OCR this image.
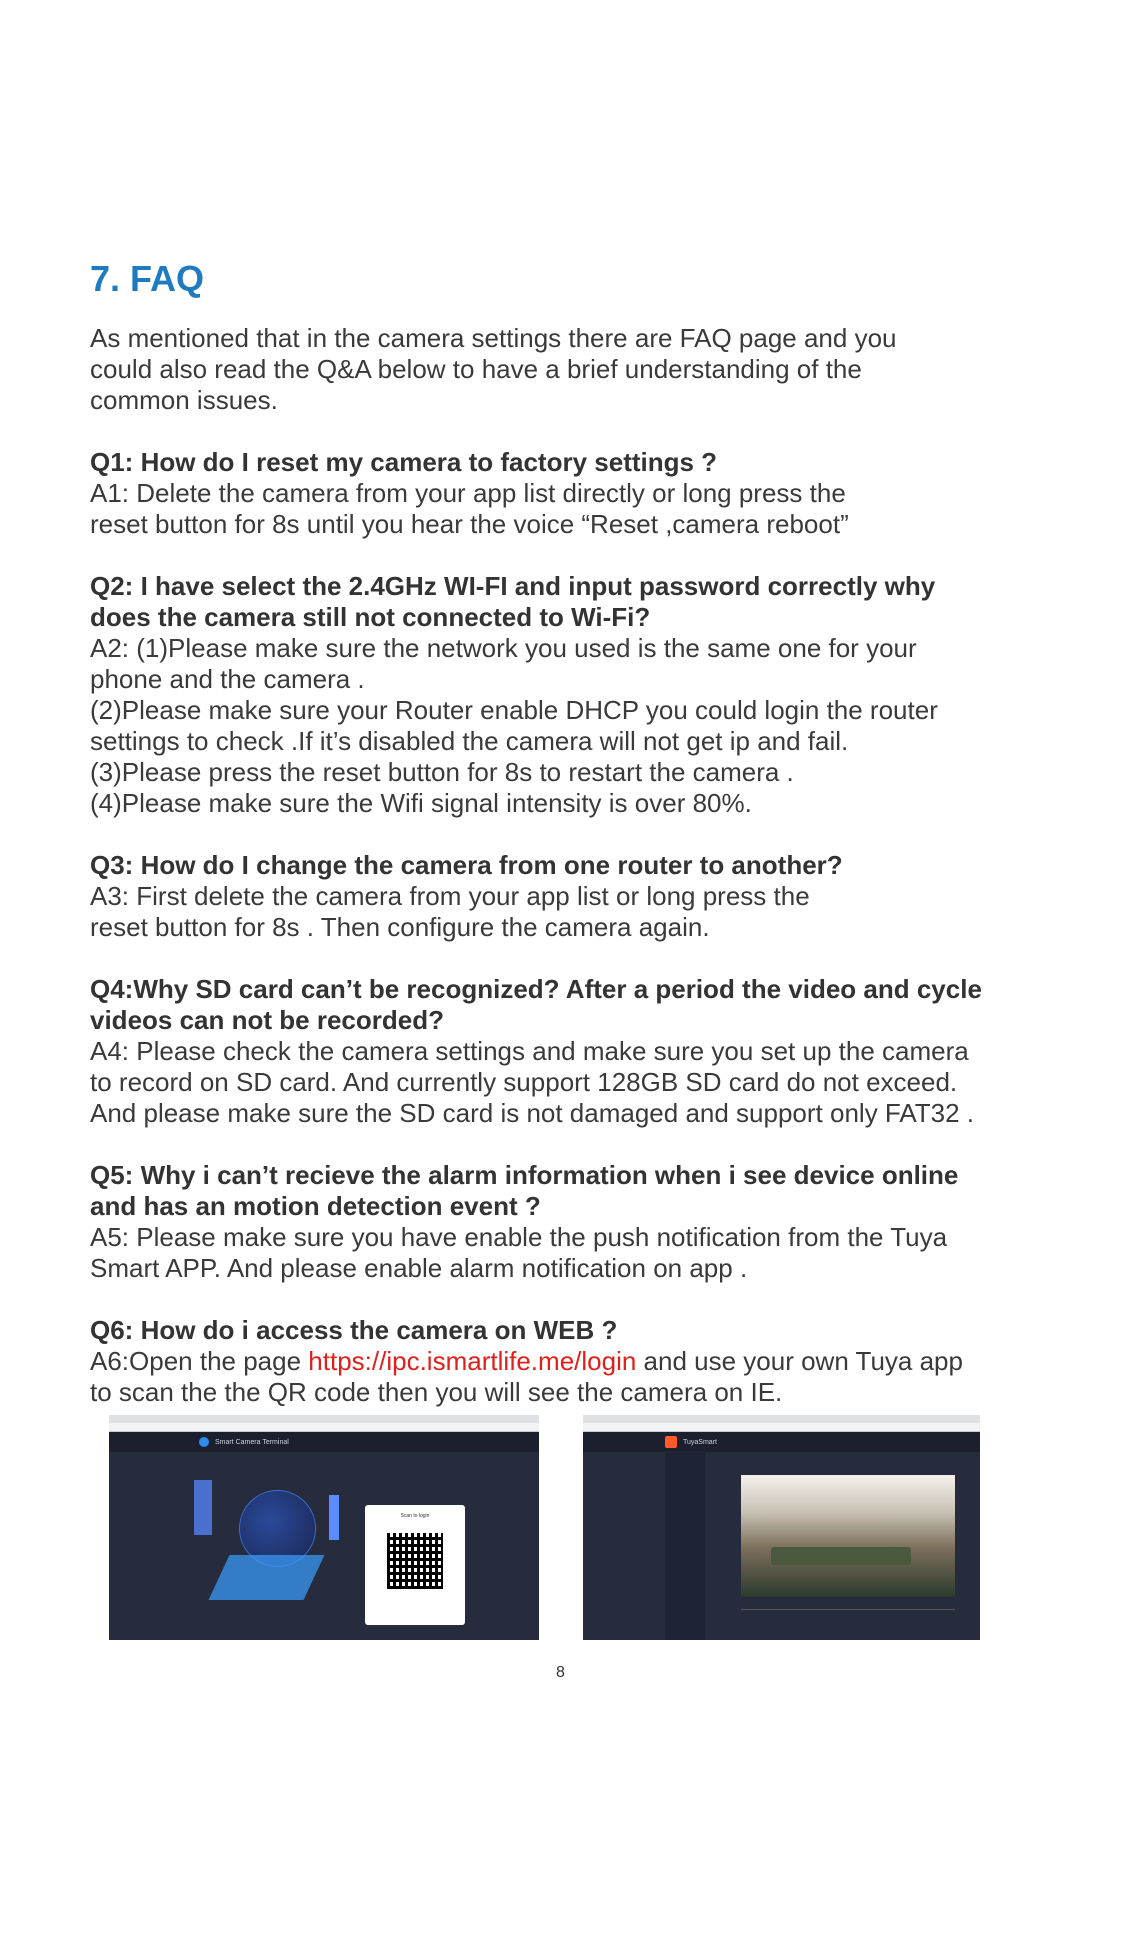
7. FAQ

As mentioned that in the camera settings there are FAQ page and you
could also read the Q&A below to have a brief understanding of the
common issues.

Q1: How do I reset my camera to factory settings ?

A1: Delete the camera from your app list directly or long press the
reset button for 8s until you hear the voice “Reset ,camera reboot”

Q2: I have select the 2.4GHz WI-FI and input password correctly why
does the camera still not connected to Wi-Fi?

A2: (1)Please make sure the network you used is the same one for your
phone and the camera .
(2)Please make sure your Router enable DHCP you could login the router
settings to check .If it’s disabled the camera will not get ip and fail.
(3)Please press the reset button for 8s to restart the camera .
(4)Please make sure the Wifi signal intensity is over 80%.

Q3: How do I change the camera from one router to another?

A3: First delete the camera from your app list or long press the
reset button for 8s . Then configure the camera again.

Q4:Why SD card can’t be recognized? After a period the video and cycle
videos can not be recorded?

A4: Please check the camera settings and make sure you set up the camera
to record on SD card. And currently support 128GB SD card do not exceed.
And please make sure the SD card is not damaged and support only FAT32 .

Q5: Why i can’t recieve the alarm information when i see device online
and has an motion detection event ?

A5: Please make sure you have enable the push notification from the Tuya
Smart APP. And please enable alarm notification on app .

Q6: How do i access the camera on WEB ?

A6:Open the page https://ipc.ismartlife.me/login and use your own Tuya app
to scan the the QR code then you will see the camera on IE.

Smart Camera Terminal
Scan to login
TuyaSmart
8
